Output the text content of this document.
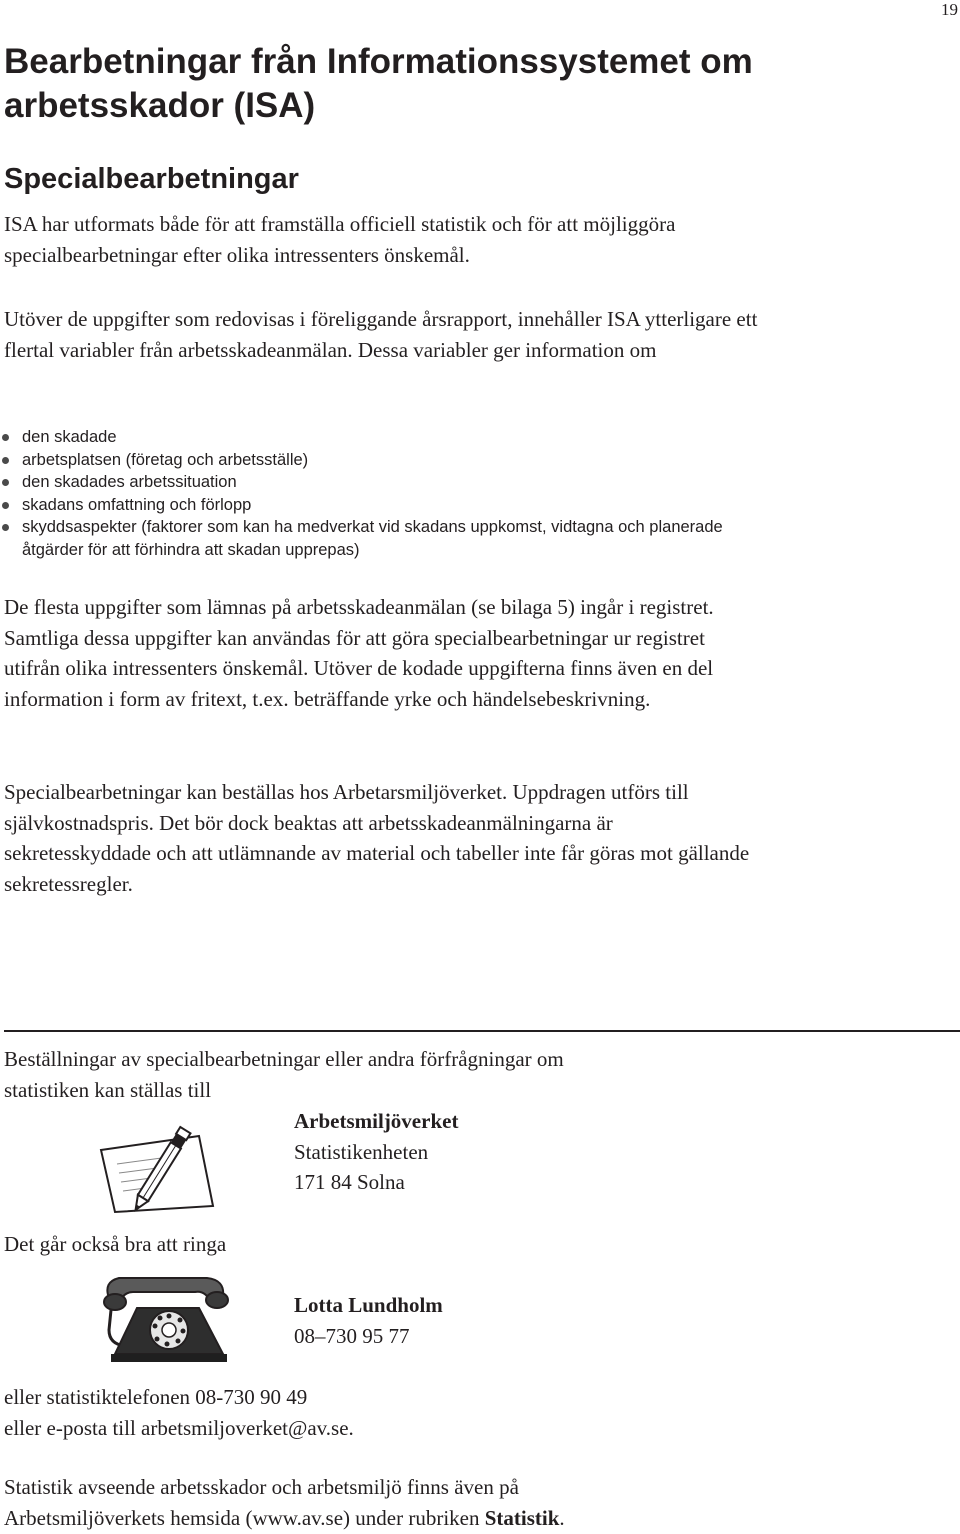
19
Bearbetningar från Informationssystemet om arbetsskador (ISA)
Specialbearbetningar

ISA har utformats både för att framställa officiell statistik och för att möjliggöra specialbearbetningar efter olika intressenters önskemål.

Utöver de uppgifter som redovisas i föreliggande årsrapport, innehåller ISA ytterligare ett flertal variabler från arbetsskadeanmälan. Dessa variabler ger information om

den skadade
arbetsplatsen (företag och arbetsställe)
den skadades arbetssituation
skadans omfattning och förlopp
skyddsaspekter (faktorer som kan ha medverkat vid skadans uppkomst, vidtagna och planerade åtgärder för att förhindra att skadan upprepas)

De flesta uppgifter som lämnas på arbetsskadeanmälan (se bilaga 5) ingår i registret. Samtliga dessa uppgifter kan användas för att göra specialbearbetningar ur registret utifrån olika intressenters önskemål. Utöver de kodade uppgifterna finns även en del information i form av fritext, t.ex. beträffande yrke och händelsebeskrivning.

Specialbearbetningar kan beställas hos Arbetarsmiljöverket. Uppdragen utförs till självkostnadspris. Det bör dock beaktas att arbetsskadeanmälningarna är sekretesskyddade och att utlämnande av material och tabeller inte får göras mot gällande sekretessregler.

Beställningar av specialbearbetningar eller andra förfrågningar om
statistiken kan ställas till

Arbetsmiljöverket
Statistikenheten
171 84 Solna

Det går också bra att ringa

Lotta Lundholm
08–730 95 77

eller statistiktelefonen 08-730 90 49
eller e-posta till arbetsmiljoverket@av.se.

Statistik avseende arbetsskador och arbetsmiljö finns även på
Arbetsmiljöverkets hemsida (www.av.se) under rubriken Statistik.
